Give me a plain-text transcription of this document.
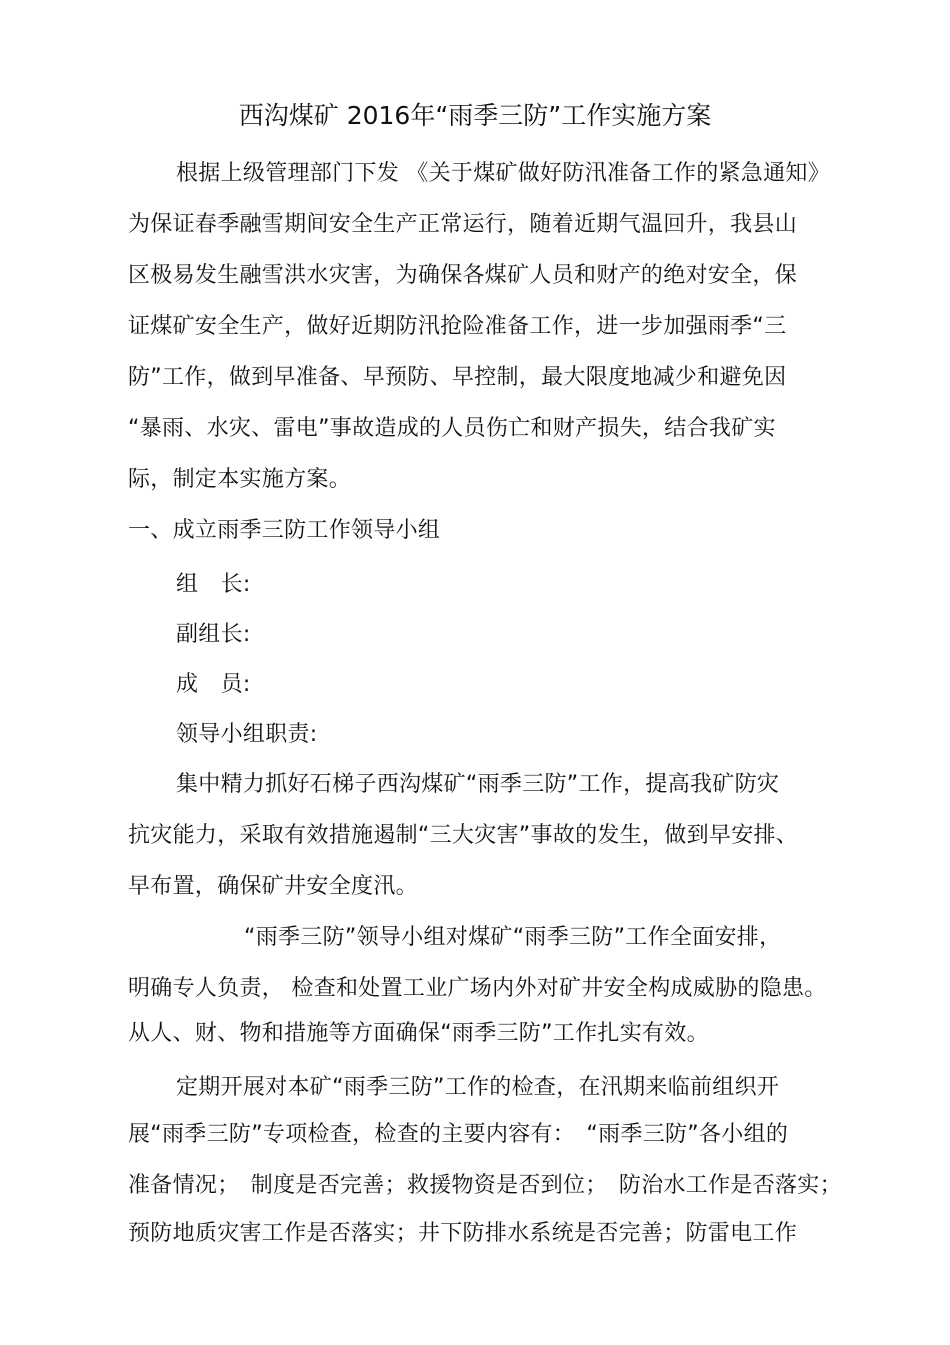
西沟煤矿 2016年“雨季三防”工作实施方案
根据上级管理部门下发 《关于煤矿做好防汛准备工作的紧急通知》
为保证春季融雪期间安全生产正常运行，随着近期气温回升，我县山
区极易发生融雪洪水灾害，为确保各煤矿人员和财产的绝对安全，保
证煤矿安全生产，做好近期防汛抢险准备工作，进一步加强雨季“三
防”工作，做到早准备、早预防、早控制，最大限度地减少和避免因
“暴雨、水灾、雷电”事故造成的人员伤亡和财产损失，结合我矿实
际，制定本实施方案。
一、成立雨季三防工作领导小组
组　长:
副组长:
成　员:
领导小组职责:
集中精力抓好石梯子西沟煤矿“雨季三防”工作，提高我矿防灾
抗灾能力，采取有效措施遏制“三大灾害”事故的发生，做到早安排、
早布置，确保矿井安全度汛。
“雨季三防”领导小组对煤矿“雨季三防”工作全面安排，
明确专人负责， 检查和处置工业广场内外对矿井安全构成威胁的隐患。
从人、财、物和措施等方面确保“雨季三防”工作扎实有效。
定期开展对本矿“雨季三防”工作的检查，在汛期来临前组织开
展“雨季三防”专项检查，检查的主要内容有：　“雨季三防”各小组的
准备情况；　制度是否完善；救援物资是否到位；　防治水工作是否落实；
预防地质灾害工作是否落实；井下防排水系统是否完善；防雷电工作
